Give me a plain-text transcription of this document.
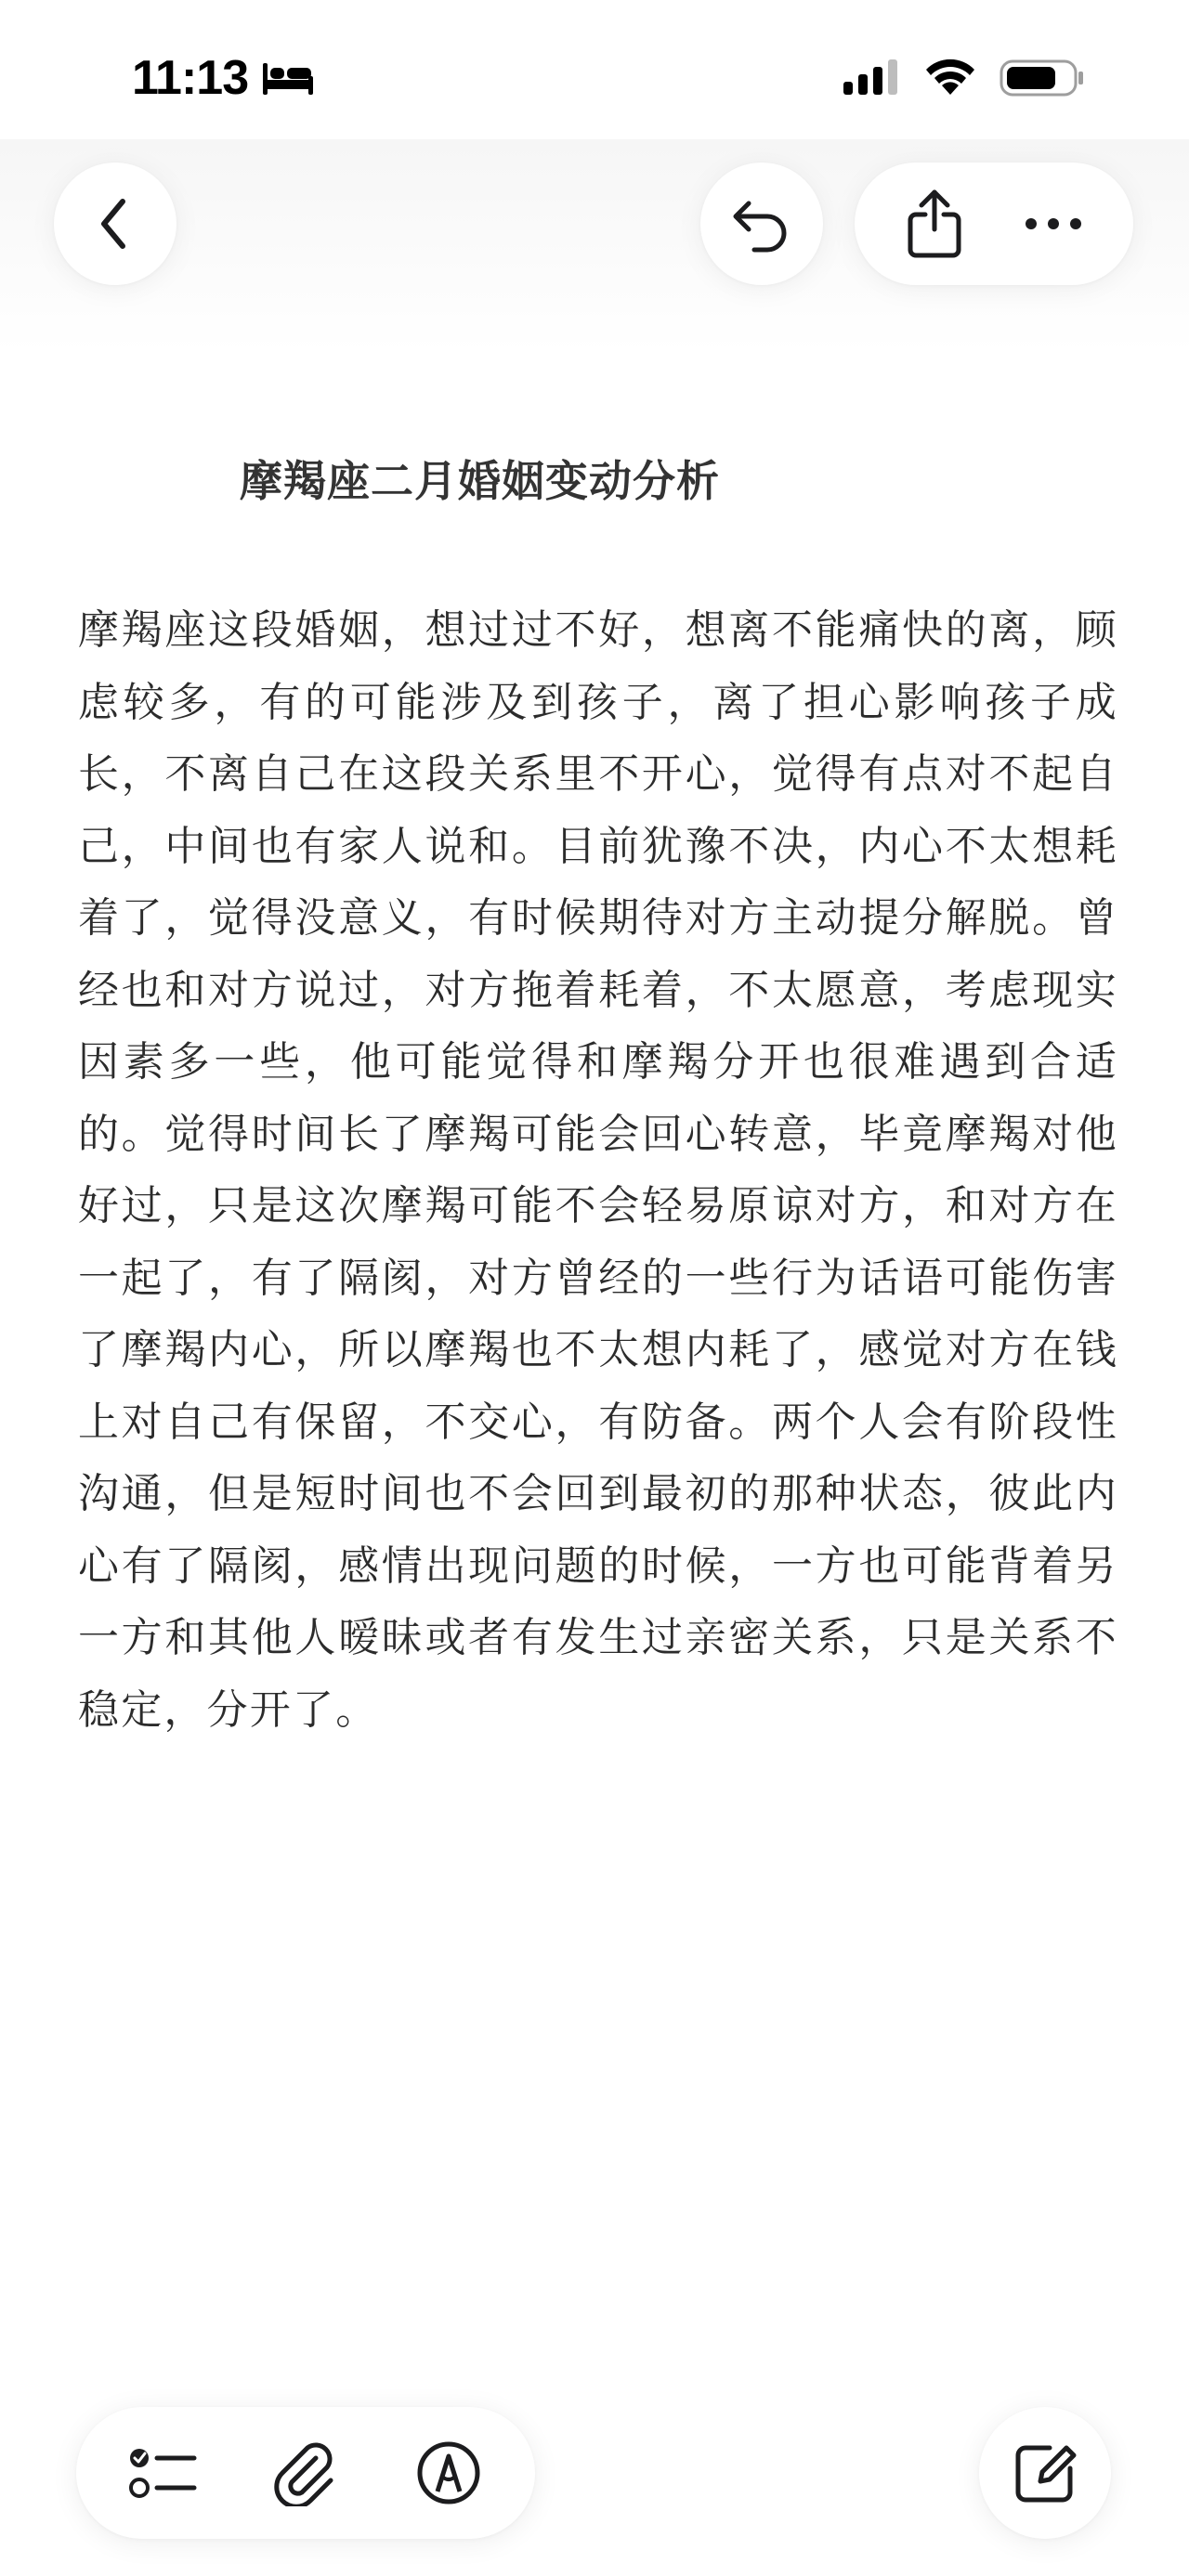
11:13
摩羯座二月婚姻变动分析
摩羯座这段婚姻，想过过不好，想离不能痛快的离，顾虑较多，有的可能涉及到孩子，离了担心影响孩子成长，不离自己在这段关系里不开心，觉得有点对不起自己，中间也有家人说和。目前犹豫不决，内心不太想耗着了，觉得没意义，有时候期待对方主动提分解脱。曾经也和对方说过，对方拖着耗着，不太愿意，考虑现实因素多一些，他可能觉得和摩羯分开也很难遇到合适的。觉得时间长了摩羯可能会回心转意，毕竟摩羯对他好过，只是这次摩羯可能不会轻易原谅对方，和对方在一起了，有了隔阂，对方曾经的一些行为话语可能伤害了摩羯内心，所以摩羯也不太想内耗了，感觉对方在钱上对自己有保留，不交心，有防备。两个人会有阶段性沟通，但是短时间也不会回到最初的那种状态，彼此内心有了隔阂，感情出现问题的时候，一方也可能背着另一方和其他人暧昧或者有发生过亲密关系，只是关系不稳定，分开了。
